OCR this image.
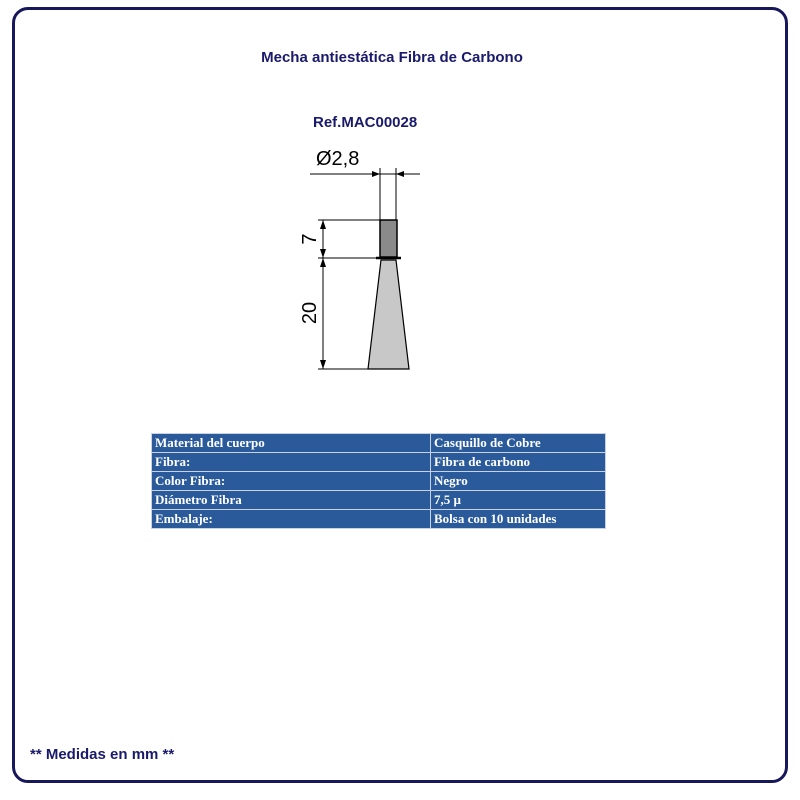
Mecha antiestática Fibra de Carbono
Ref.MAC00028
Ø2,8
7
20
Material del cuerpo	Casquillo de Cobre
Fibra:	Fibra de carbono
Color Fibra:	Negro
Diámetro Fibra	7,5 µ
Embalaje:	Bolsa con 10 unidades
** Medidas en mm **
